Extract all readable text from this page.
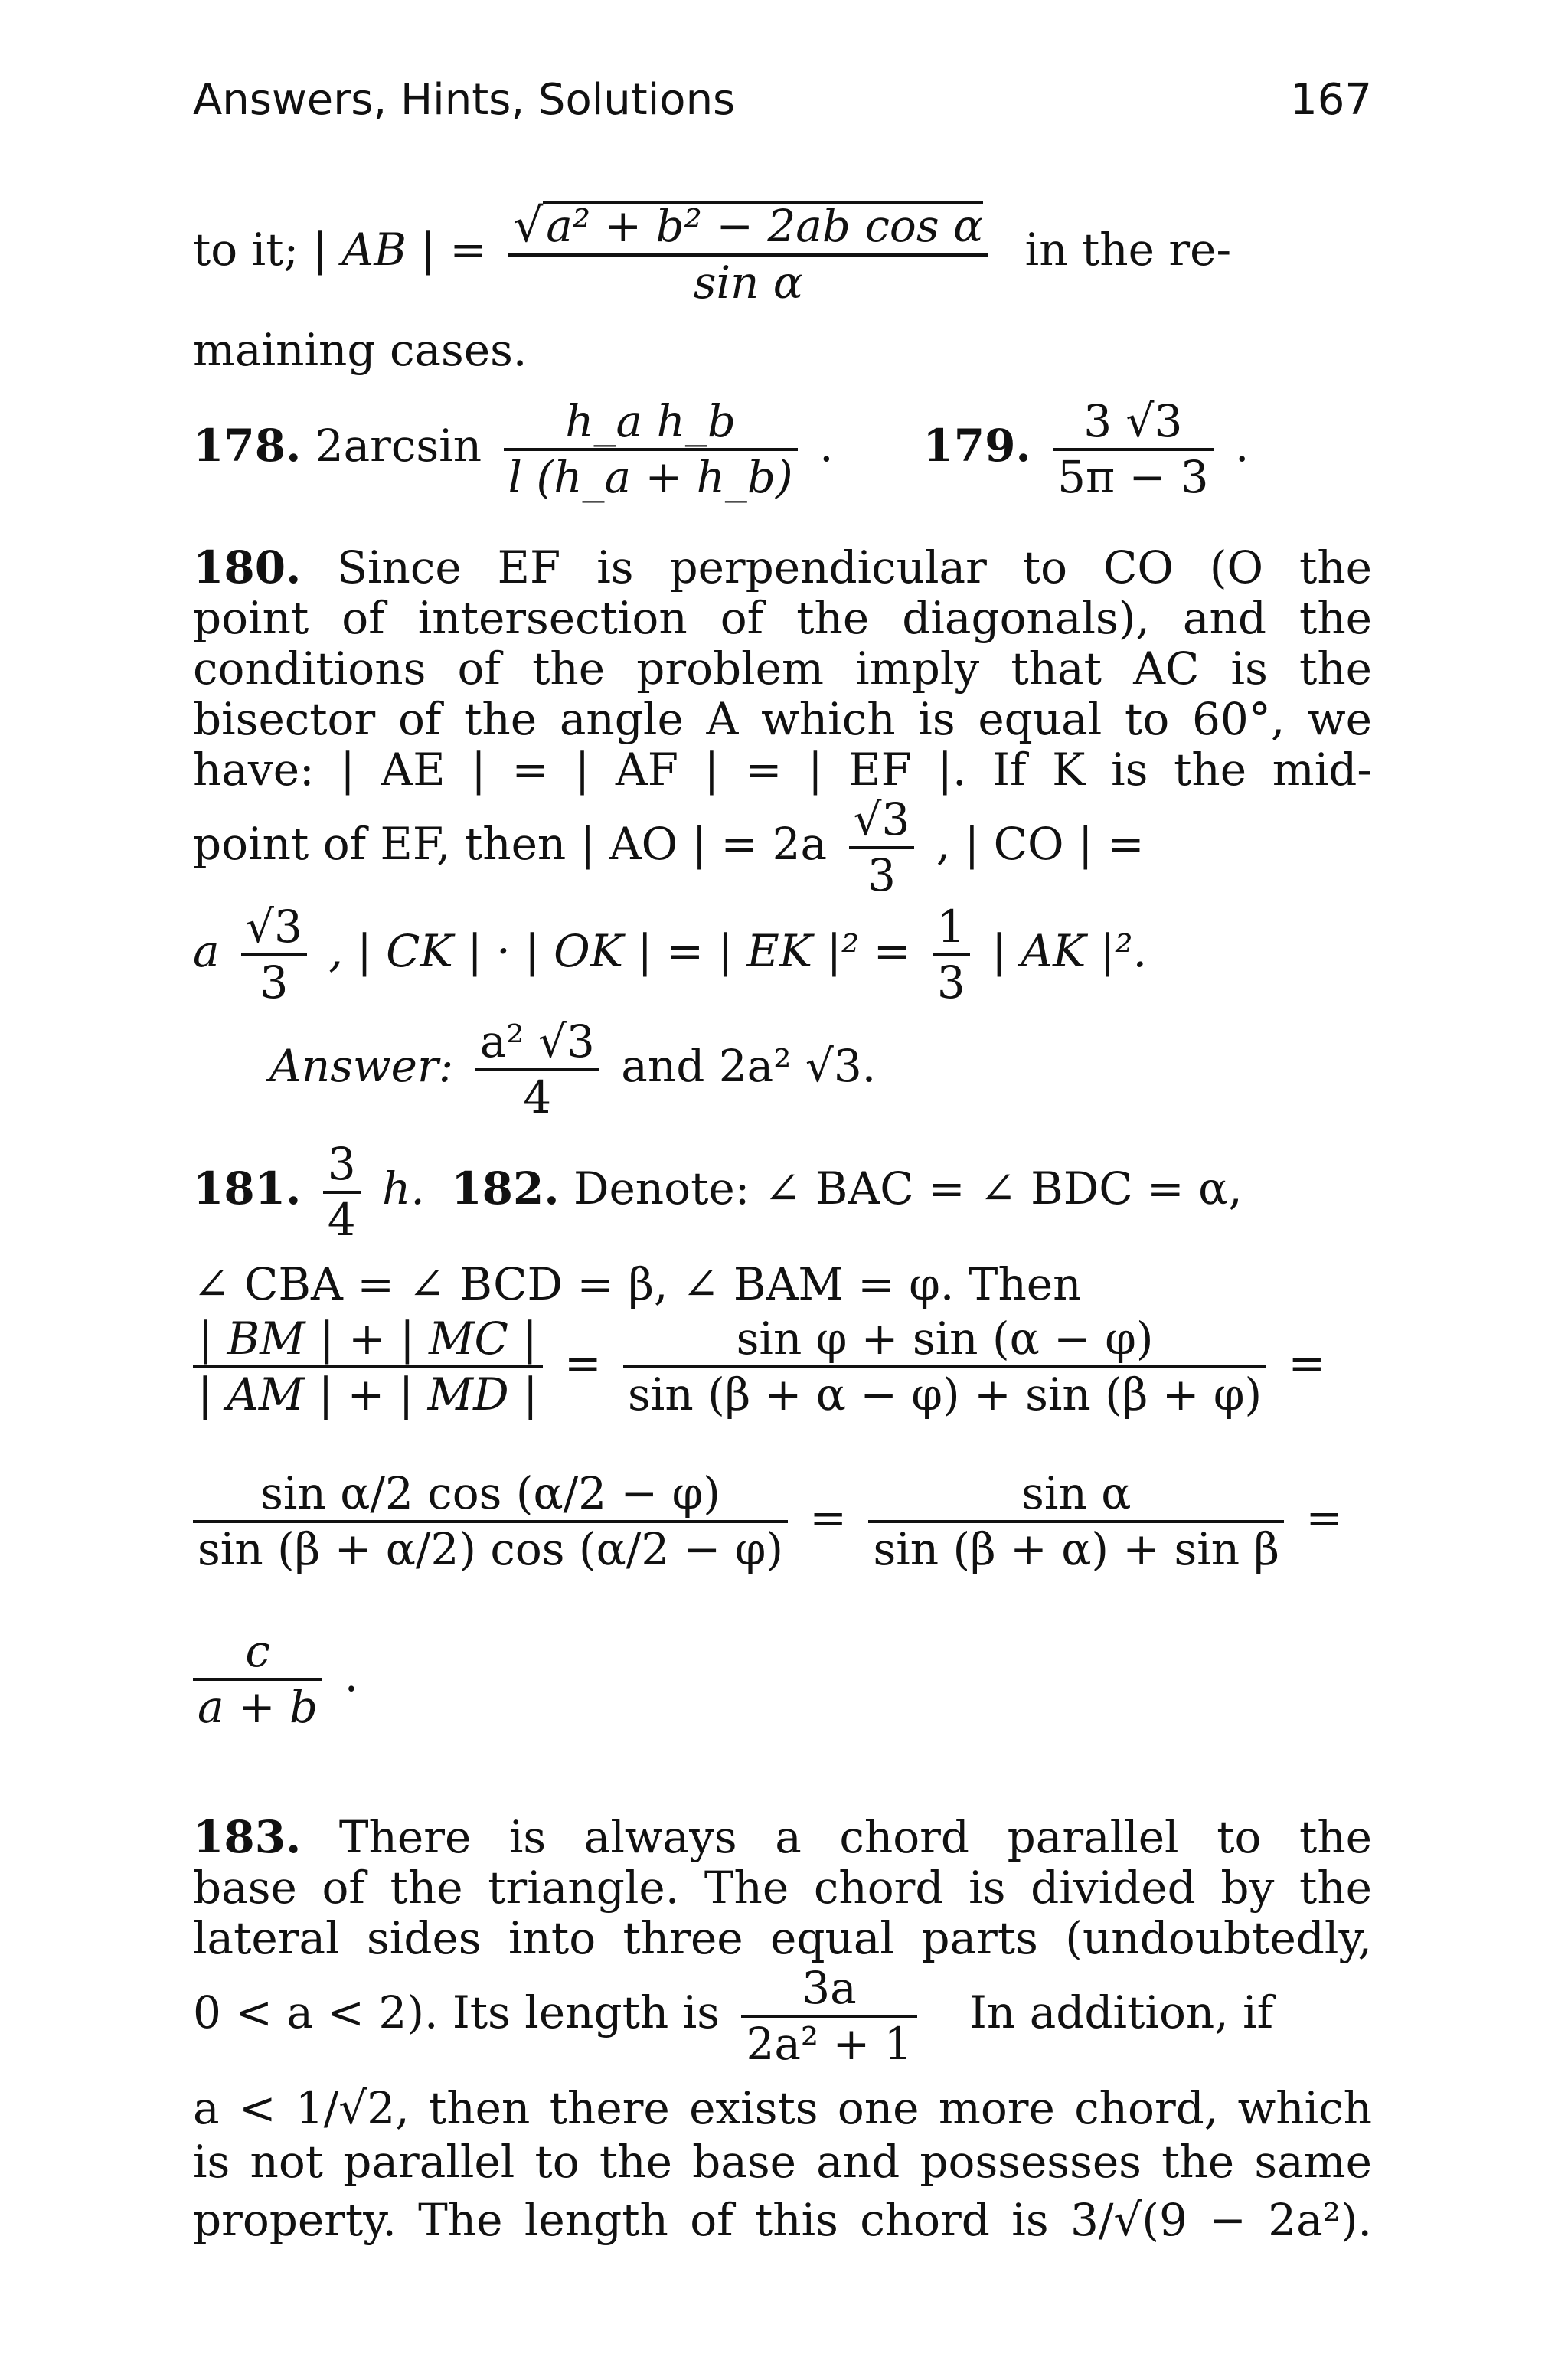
Answers, Hints, Solutions	167
to it; | AB | = $\frac{\text{√a² + b² − 2ab cos α}}{\text{sin α}}$ in the re-
maining cases.
178. $2\arcsin \frac{\text{h\_a h\_b}}{l (h\_a + h\_b)}$ . 179. $\frac{3 √3}{5\pi - 3}$ .
180. Since EF is perpendicular to CO (O the
point of intersection of the diagonals), and the
conditions of the problem imply that AC is the
bisector of the angle A which is equal to 60°, we
have: | AE | = | AF | = | EF |. If K is the mid-
point of EF, then | AO | = $2a \frac{√3}{3}$ , | CO | =
a $\frac{√3}{3}$ , | CK | · | OK | = | EK $|^2 = \frac{1}{3}$ | AK |².
Answer: $\frac{\text{a² √3}}{4}$ and 2a² √3.
181. $\frac{3}{4} h$. 182. Denote: ∠ BAC = ∠ BDC = α,
∠ CBA = ∠ BCD = β, ∠ BAM = φ. Then
$\frac{| BM | + | MC |}{| AM | + | MD |} = \frac{\text{sin φ + sin (α − φ)}}{\sin (\beta + \alpha - \varphi) + \sin (\beta + \varphi)}$ =
$\frac{\text{sin α/2 cos (α/2 − φ)}}{\sin (\beta + \alpha/2) \cos (\alpha/2 - \varphi)} = \frac{\text{sin α}}{\text{sin (β + α) + sin β}}$ =
$\frac{c}{a + b}$ .
183. There is always a chord parallel to the
base of the triangle. The chord is divided by the
lateral sides into three equal parts (undoubtedly,
0 < a < 2). Its length is $\frac{3a}{\text{2a² + 1}}$ In addition, if
a < 1/√2, then there exists one more chord, which
is not parallel to the base and possesses the same
property. The length of this chord is 3/√(9 − 2a²).
